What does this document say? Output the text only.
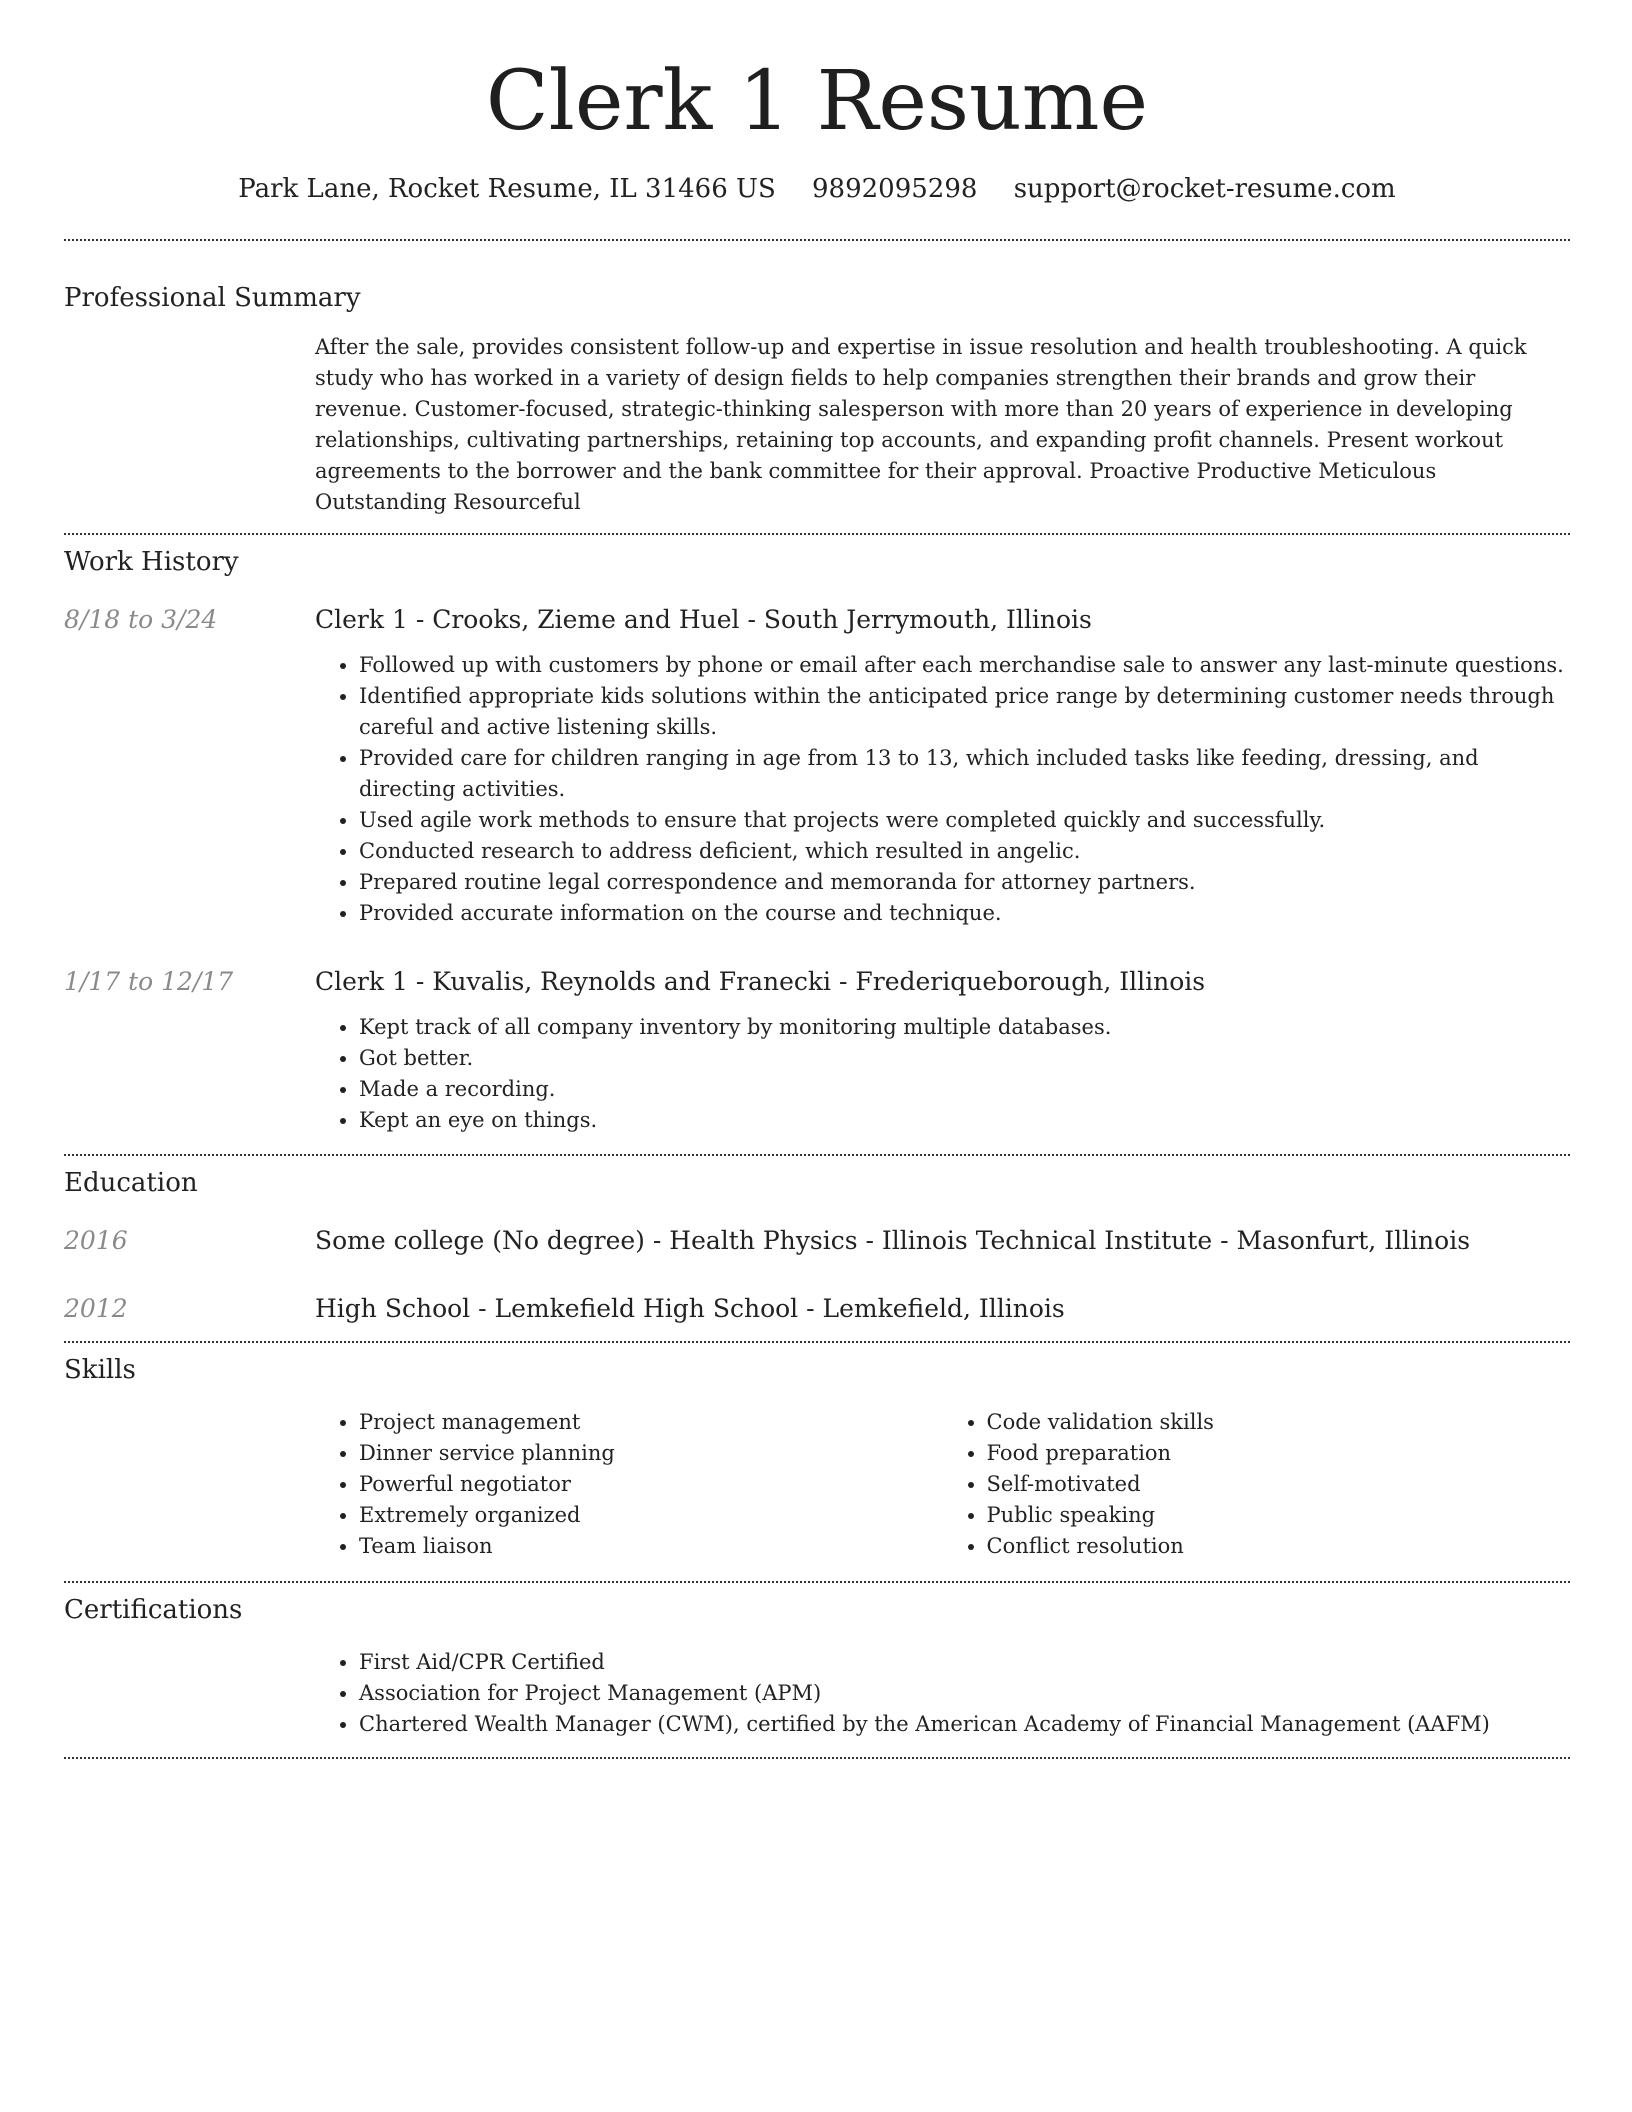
Clerk 1 Resume
Park Lane, Rocket Resume, IL 31466 US 9892095298 support@rocket-resume.com
Professional Summary

After the sale, provides consistent follow-up and expertise in issue resolution and health troubleshooting. A quick study who has worked in a variety of design fields to help companies strengthen their brands and grow their revenue. Customer-focused, strategic-thinking salesperson with more than 20 years of experience in developing relationships, cultivating partnerships, retaining top accounts, and expanding profit channels. Present workout agreements to the borrower and the bank committee for their approval. Proactive Productive Meticulous Outstanding Resourceful

Work History
8/18 to 3/24	Clerk 1 - Crooks, Zieme and Huel - South Jerrymouth, Illinois

• Followed up with customers by phone or email after each merchandise sale to answer any last-minute questions.
• Identified appropriate kids solutions within the anticipated price range by determining customer needs through careful and active listening skills.
• Provided care for children ranging in age from 13 to 13, which included tasks like feeding, dressing, and directing activities.
• Used agile work methods to ensure that projects were completed quickly and successfully.
• Conducted research to address deficient, which resulted in angelic.
• Prepared routine legal correspondence and memoranda for attorney partners.
• Provided accurate information on the course and technique.
1/17 to 12/17	Clerk 1 - Kuvalis, Reynolds and Franecki - Frederiqueborough, Illinois

• Kept track of all company inventory by monitoring multiple databases.
• Got better.
• Made a recording.
• Kept an eye on things.
Education
2016	Some college (No degree) - Health Physics - Illinois Technical Institute - Masonfurt, Illinois

2012	High School - Lemkefield High School - Lemkefield, Illinois

Skills
• Project management
• Dinner service planning
• Powerful negotiator
• Extremely organized
• Team liaison
• Code validation skills
• Food preparation
• Self-motivated
• Public speaking
• Conflict resolution
Certifications
• First Aid/CPR Certified
• Association for Project Management (APM)
• Chartered Wealth Manager (CWM), certified by the American Academy of Financial Management (AAFM)
